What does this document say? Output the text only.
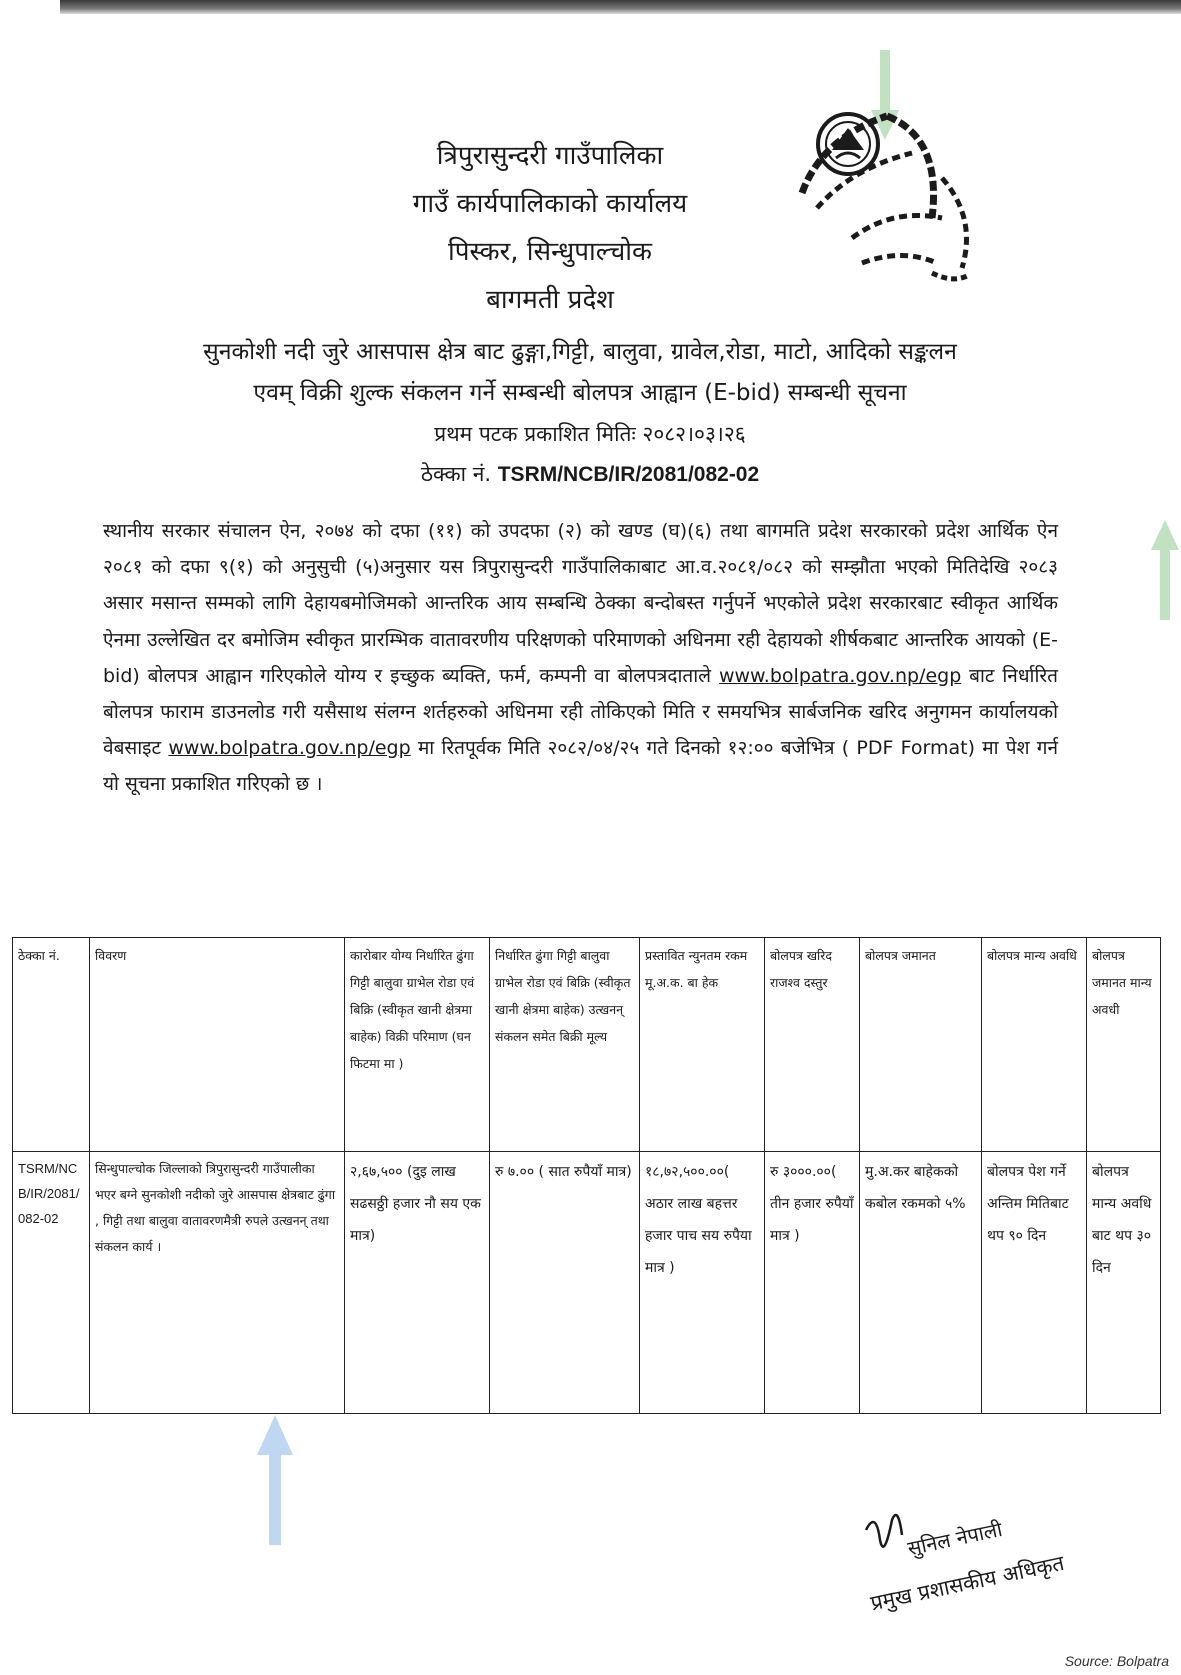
त्रिपुरासुन्दरी गाउँपालिका
गाउँ कार्यपालिकाको कार्यालय
पिस्कर, सिन्धुपाल्चोक
बागमती प्रदेश
सुनकोशी नदी जुरे आसपास क्षेत्र बाट ढुङ्गा,गिट्टी, बालुवा, ग्रावेल,रोडा, माटो, आदिको सङ्कलन
एवम् विक्री शुल्क संकलन गर्ने सम्बन्धी बोलपत्र आह्वान (E-bid) सम्बन्धी सूचना
प्रथम पटक प्रकाशित मितिः २०८२।०३।२६
ठेक्का नं. TSRM/NCB/IR/2081/082-02
स्थानीय सरकार संचालन ऐन, २०७४ को दफा (११) को उपदफा (२) को खण्ड (घ)(६) तथा बागमति प्रदेश सरकारको प्रदेश आर्थिक ऐन २०८१ को दफा ९(१) को अनुसुची (५)अनुसार यस त्रिपुरासुन्दरी गाउँपालिकाबाट आ.व.२०८१/०८२ को सम्झौता भएको मितिदेखि २०८३ असार मसान्त सम्मको लागि देहायबमोजिमको आन्तरिक आय सम्बन्धि ठेक्का बन्दोबस्त गर्नुपर्ने भएकोले प्रदेश सरकारबाट स्वीकृत आर्थिक ऐनमा उल्लेखित दर बमोजिम स्वीकृत प्रारम्भिक वातावरणीय परिक्षणको परिमाणको अधिनमा रही देहायको शीर्षकबाट आन्तरिक आयको (E-bid) बोलपत्र आह्वान गरिएकोले योग्य र इच्छुक ब्यक्ति, फर्म, कम्पनी वा बोलपत्रदाताले www.bolpatra.gov.np/egp बाट निर्धारित बोलपत्र फाराम डाउनलोड गरी यसैसाथ संलग्न शर्तहरुको अधिनमा रही तोकिएको मिति र समयभित्र सार्बजनिक खरिद अनुगमन कार्यालयको वेबसाइट www.bolpatra.gov.np/egp मा रितपूर्वक मिति २०८२/०४/२५ गते दिनको १२:०० बजेभित्र ( PDF Format) मा पेश गर्न यो सूचना प्रकाशित गरिएको छ ।
ठेक्का नं.	विवरण	कारोबार योग्य निर्धारित ढुंगा गिट्टी बालुवा ग्राभेल रोडा एवं बिक्रि (स्वीकृत खानी क्षेत्रमा बाहेक) विक्री परिमाण (घन फिटमा मा )	निर्धारित ढुंगा गिट्टी बालुवा ग्राभेल रोडा एवं बिक्रि (स्वीकृत खानी क्षेत्रमा बाहेक) उत्खनन् संकलन समेत बिक्री मूल्य	प्रस्तावित न्युनतम रकम मू.अ.क. बा हेक	बोलपत्र खरिद राजश्व दस्तुर	बोलपत्र जमानत	बोलपत्र मान्य अवधि	बोलपत्र जमानत मान्य अवधी
TSRM/NCB/IR/2081/082-02	सिन्धुपाल्चोक जिल्लाको त्रिपुरासुन्दरी गाउँपालीका भएर बग्ने सुनकोशी नदीको जुरे आसपास क्षेत्रबाट ढुंगा , गिट्टी तथा बालुवा वातावरणमैत्री रुपले उत्खनन् तथा संकलन कार्य ।	२,६७,५०० (दुइ लाख सढसठ्ठी हजार नौ सय एक मात्र)	रु ७.०० ( सात रुपैयाँ मात्र)	१८,७२,५००.००( अठार लाख बहत्तर हजार पाच सय रुपैया मात्र )	रु ३०००.००( तीन हजार रुपैयाँ मात्र )	मु.अ.कर बाहेकको कबोल रकमको ५%	बोलपत्र पेश गर्ने अन्तिम मितिबाट थप ९० दिन	बोलपत्र मान्य अवधि बाट थप ३० दिन
सुनिल नेपाली
प्रमुख प्रशासकीय अधिकृत
Source: Bolpatra
